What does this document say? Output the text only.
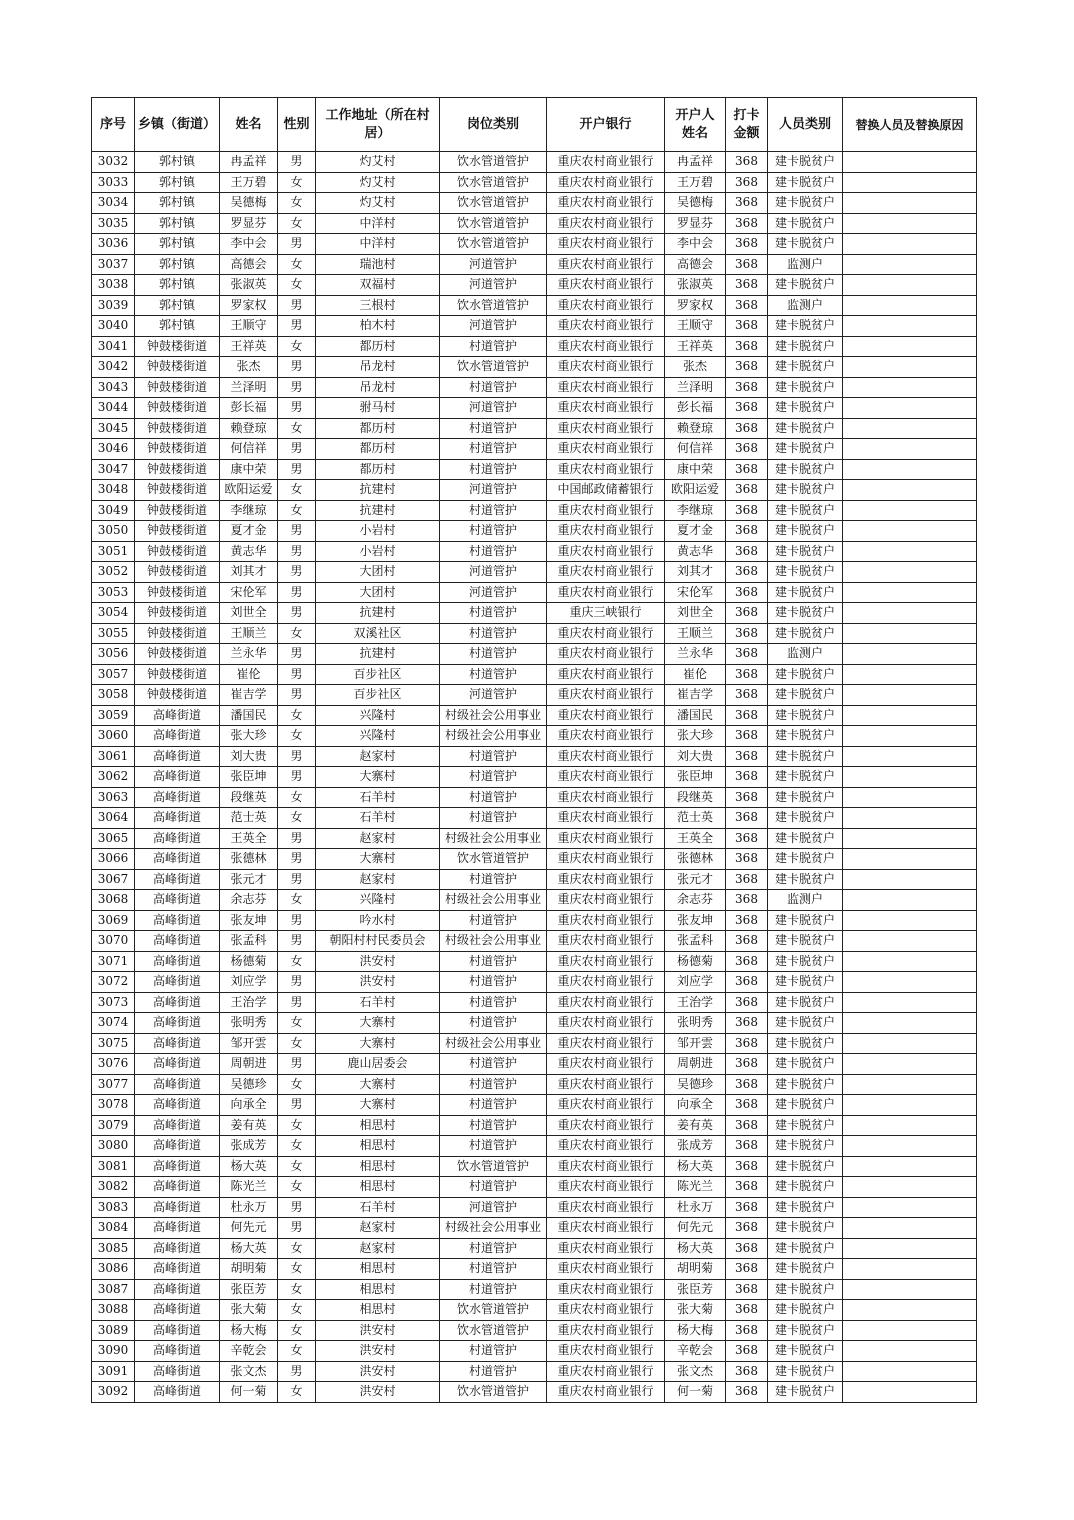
序号	乡镇（街道）	姓名	性别	工作地址（所在村居）	岗位类别	开户银行	开户人姓名	打卡金额	人员类别	替换人员及替换原因

3032	郭村镇	冉孟祥	男	灼艾村	饮水管道管护	重庆农村商业银行	冉孟祥	368	建卡脱贫户	
3033	郭村镇	王万碧	女	灼艾村	饮水管道管护	重庆农村商业银行	王万碧	368	建卡脱贫户	
3034	郭村镇	吴德梅	女	灼艾村	饮水管道管护	重庆农村商业银行	吴德梅	368	建卡脱贫户	
3035	郭村镇	罗显芬	女	中洋村	饮水管道管护	重庆农村商业银行	罗显芬	368	建卡脱贫户	
3036	郭村镇	李中会	男	中洋村	饮水管道管护	重庆农村商业银行	李中会	368	建卡脱贫户	
3037	郭村镇	高德会	女	瑞池村	河道管护	重庆农村商业银行	高德会	368	监测户	
3038	郭村镇	张淑英	女	双福村	河道管护	重庆农村商业银行	张淑英	368	建卡脱贫户	
3039	郭村镇	罗家权	男	三根村	饮水管道管护	重庆农村商业银行	罗家权	368	监测户	
3040	郭村镇	王顺守	男	柏木村	河道管护	重庆农村商业银行	王顺守	368	建卡脱贫户	
3041	钟鼓楼街道	王祥英	女	都历村	村道管护	重庆农村商业银行	王祥英	368	建卡脱贫户	
3042	钟鼓楼街道	张杰	男	吊龙村	饮水管道管护	重庆农村商业银行	张杰	368	建卡脱贫户	
3043	钟鼓楼街道	兰泽明	男	吊龙村	村道管护	重庆农村商业银行	兰泽明	368	建卡脱贫户	
3044	钟鼓楼街道	彭长福	男	驸马村	河道管护	重庆农村商业银行	彭长福	368	建卡脱贫户	
3045	钟鼓楼街道	赖登琼	女	都历村	村道管护	重庆农村商业银行	赖登琼	368	建卡脱贫户	
3046	钟鼓楼街道	何信祥	男	都历村	村道管护	重庆农村商业银行	何信祥	368	建卡脱贫户	
3047	钟鼓楼街道	康中荣	男	都历村	村道管护	重庆农村商业银行	康中荣	368	建卡脱贫户	
3048	钟鼓楼街道	欧阳运爱	女	抗建村	河道管护	中国邮政储蓄银行	欧阳运爱	368	建卡脱贫户	
3049	钟鼓楼街道	李继琼	女	抗建村	村道管护	重庆农村商业银行	李继琼	368	建卡脱贫户	
3050	钟鼓楼街道	夏才金	男	小岩村	村道管护	重庆农村商业银行	夏才金	368	建卡脱贫户	
3051	钟鼓楼街道	黄志华	男	小岩村	村道管护	重庆农村商业银行	黄志华	368	建卡脱贫户	
3052	钟鼓楼街道	刘其才	男	大团村	河道管护	重庆农村商业银行	刘其才	368	建卡脱贫户	
3053	钟鼓楼街道	宋伦军	男	大团村	河道管护	重庆农村商业银行	宋伦军	368	建卡脱贫户	
3054	钟鼓楼街道	刘世全	男	抗建村	村道管护	重庆三峡银行	刘世全	368	建卡脱贫户	
3055	钟鼓楼街道	王顺兰	女	双溪社区	村道管护	重庆农村商业银行	王顺兰	368	建卡脱贫户	
3056	钟鼓楼街道	兰永华	男	抗建村	村道管护	重庆农村商业银行	兰永华	368	监测户	
3057	钟鼓楼街道	崔伦	男	百步社区	村道管护	重庆农村商业银行	崔伦	368	建卡脱贫户	
3058	钟鼓楼街道	崔吉学	男	百步社区	河道管护	重庆农村商业银行	崔吉学	368	建卡脱贫户	
3059	高峰街道	潘国民	女	兴隆村	村级社会公用事业	重庆农村商业银行	潘国民	368	建卡脱贫户	
3060	高峰街道	张大珍	女	兴隆村	村级社会公用事业	重庆农村商业银行	张大珍	368	建卡脱贫户	
3061	高峰街道	刘大贵	男	赵家村	村道管护	重庆农村商业银行	刘大贵	368	建卡脱贫户	
3062	高峰街道	张臣坤	男	大寨村	村道管护	重庆农村商业银行	张臣坤	368	建卡脱贫户	
3063	高峰街道	段继英	女	石羊村	村道管护	重庆农村商业银行	段继英	368	建卡脱贫户	
3064	高峰街道	范士英	女	石羊村	村道管护	重庆农村商业银行	范士英	368	建卡脱贫户	
3065	高峰街道	王英全	男	赵家村	村级社会公用事业	重庆农村商业银行	王英全	368	建卡脱贫户	
3066	高峰街道	张德林	男	大寨村	饮水管道管护	重庆农村商业银行	张德林	368	建卡脱贫户	
3067	高峰街道	张元才	男	赵家村	村道管护	重庆农村商业银行	张元才	368	建卡脱贫户	
3068	高峰街道	余志芬	女	兴隆村	村级社会公用事业	重庆农村商业银行	余志芬	368	监测户	
3069	高峰街道	张友坤	男	吟水村	村道管护	重庆农村商业银行	张友坤	368	建卡脱贫户	
3070	高峰街道	张孟科	男	朝阳村村民委员会	村级社会公用事业	重庆农村商业银行	张孟科	368	建卡脱贫户	
3071	高峰街道	杨德菊	女	洪安村	村道管护	重庆农村商业银行	杨德菊	368	建卡脱贫户	
3072	高峰街道	刘应学	男	洪安村	村道管护	重庆农村商业银行	刘应学	368	建卡脱贫户	
3073	高峰街道	王治学	男	石羊村	村道管护	重庆农村商业银行	王治学	368	建卡脱贫户	
3074	高峰街道	张明秀	女	大寨村	村道管护	重庆农村商业银行	张明秀	368	建卡脱贫户	
3075	高峰街道	邹开雲	女	大寨村	村级社会公用事业	重庆农村商业银行	邹开雲	368	建卡脱贫户	
3076	高峰街道	周朝进	男	鹿山居委会	村道管护	重庆农村商业银行	周朝进	368	建卡脱贫户	
3077	高峰街道	吴德珍	女	大寨村	村道管护	重庆农村商业银行	吴德珍	368	建卡脱贫户	
3078	高峰街道	向承全	男	大寨村	村道管护	重庆农村商业银行	向承全	368	建卡脱贫户	
3079	高峰街道	姜有英	女	相思村	村道管护	重庆农村商业银行	姜有英	368	建卡脱贫户	
3080	高峰街道	张成芳	女	相思村	村道管护	重庆农村商业银行	张成芳	368	建卡脱贫户	
3081	高峰街道	杨大英	女	相思村	饮水管道管护	重庆农村商业银行	杨大英	368	建卡脱贫户	
3082	高峰街道	陈光兰	女	相思村	村道管护	重庆农村商业银行	陈光兰	368	建卡脱贫户	
3083	高峰街道	杜永万	男	石羊村	河道管护	重庆农村商业银行	杜永万	368	建卡脱贫户	
3084	高峰街道	何先元	男	赵家村	村级社会公用事业	重庆农村商业银行	何先元	368	建卡脱贫户	
3085	高峰街道	杨大英	女	赵家村	村道管护	重庆农村商业银行	杨大英	368	建卡脱贫户	
3086	高峰街道	胡明菊	女	相思村	村道管护	重庆农村商业银行	胡明菊	368	建卡脱贫户	
3087	高峰街道	张臣芳	女	相思村	村道管护	重庆农村商业银行	张臣芳	368	建卡脱贫户	
3088	高峰街道	张大菊	女	相思村	饮水管道管护	重庆农村商业银行	张大菊	368	建卡脱贫户	
3089	高峰街道	杨大梅	女	洪安村	饮水管道管护	重庆农村商业银行	杨大梅	368	建卡脱贫户	
3090	高峰街道	辛乾会	女	洪安村	村道管护	重庆农村商业银行	辛乾会	368	建卡脱贫户	
3091	高峰街道	张文杰	男	洪安村	村道管护	重庆农村商业银行	张文杰	368	建卡脱贫户	
3092	高峰街道	何一菊	女	洪安村	饮水管道管护	重庆农村商业银行	何一菊	368	建卡脱贫户	
